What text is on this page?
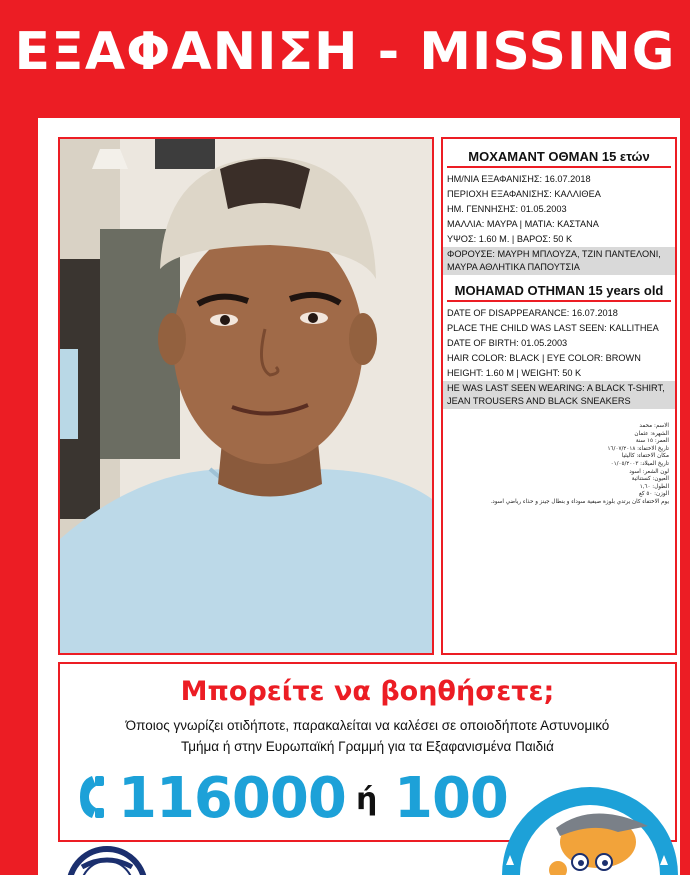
ΕΞΑΦΑΝΙΣΗ - MISSING
ΜΟΧΑΜΑΝΤ ΟΘΜΑΝ 15 ετών
ΗΜ/ΝΙΑ ΕΞΑΦΑΝΙΣΗΣ: 16.07.2018
ΠΕΡΙΟΧΗ ΕΞΑΦΑΝΙΣΗΣ: ΚΑΛΛΙΘΕΑ
ΗΜ. ΓΕΝΝΗΣΗΣ: 01.05.2003
ΜΑΛΛΙΑ: ΜΑΥΡΑ | ΜΑΤΙΑ: ΚΑΣΤΑΝΑ
ΥΨΟΣ: 1.60 Μ. | ΒΑΡΟΣ: 50 Κ
ΦΟΡΟΥΣΕ: ΜΑΥΡΗ ΜΠΛΟΥΖΑ, ΤΖΙΝ ΠΑΝΤΕΛΟΝΙ, ΜΑΥΡΑ ΑΘΛΗΤΙΚΑ ΠΑΠΟΥΤΣΙΑ
MOHAMAD OTHMAN 15 years old
DATE OF DISAPPEARANCE: 16.07.2018
PLACE THE CHILD WAS LAST SEEN: KALLITHEA
DATE OF BIRTH: 01.05.2003
HAIR COLOR: BLACK | EYE COLOR: BROWN
HEIGHT: 1.60 M | WEIGHT: 50 K
HE WAS LAST SEEN WEARING: A BLACK T-SHIRT, JEAN TROUSERS AND BLACK SNEAKERS
الاسم: محمد
الشهرة: عثمان
العمر: ١٥ سنة
تاريخ الاختفاء: ١٦/٠٧/٢٠١٨
مكان الاختفاء: كاليثيا
تاريخ الميلاد: ٠١/٠٥/٢٠٠٣
لون الشعر: اسود
العيون: كستنائية
الطول: ١,٦٠
الوزن: ٥٠ كغ
يوم الاختفاء كان يرتدي بلوزة صيفية سوداء و بنطال جينز و حذاء رياضي اسود.
Μπορείτε να βοηθήσετε;
Όποιος γνωρίζει οτιδήποτε, παρακαλείται να καλέσει σε οποιοδήποτε Αστυνομικό
Τμήμα ή στην Ευρωπαϊκή Γραμμή για τα Εξαφανισμένα Παιδιά
116000 ή 100
